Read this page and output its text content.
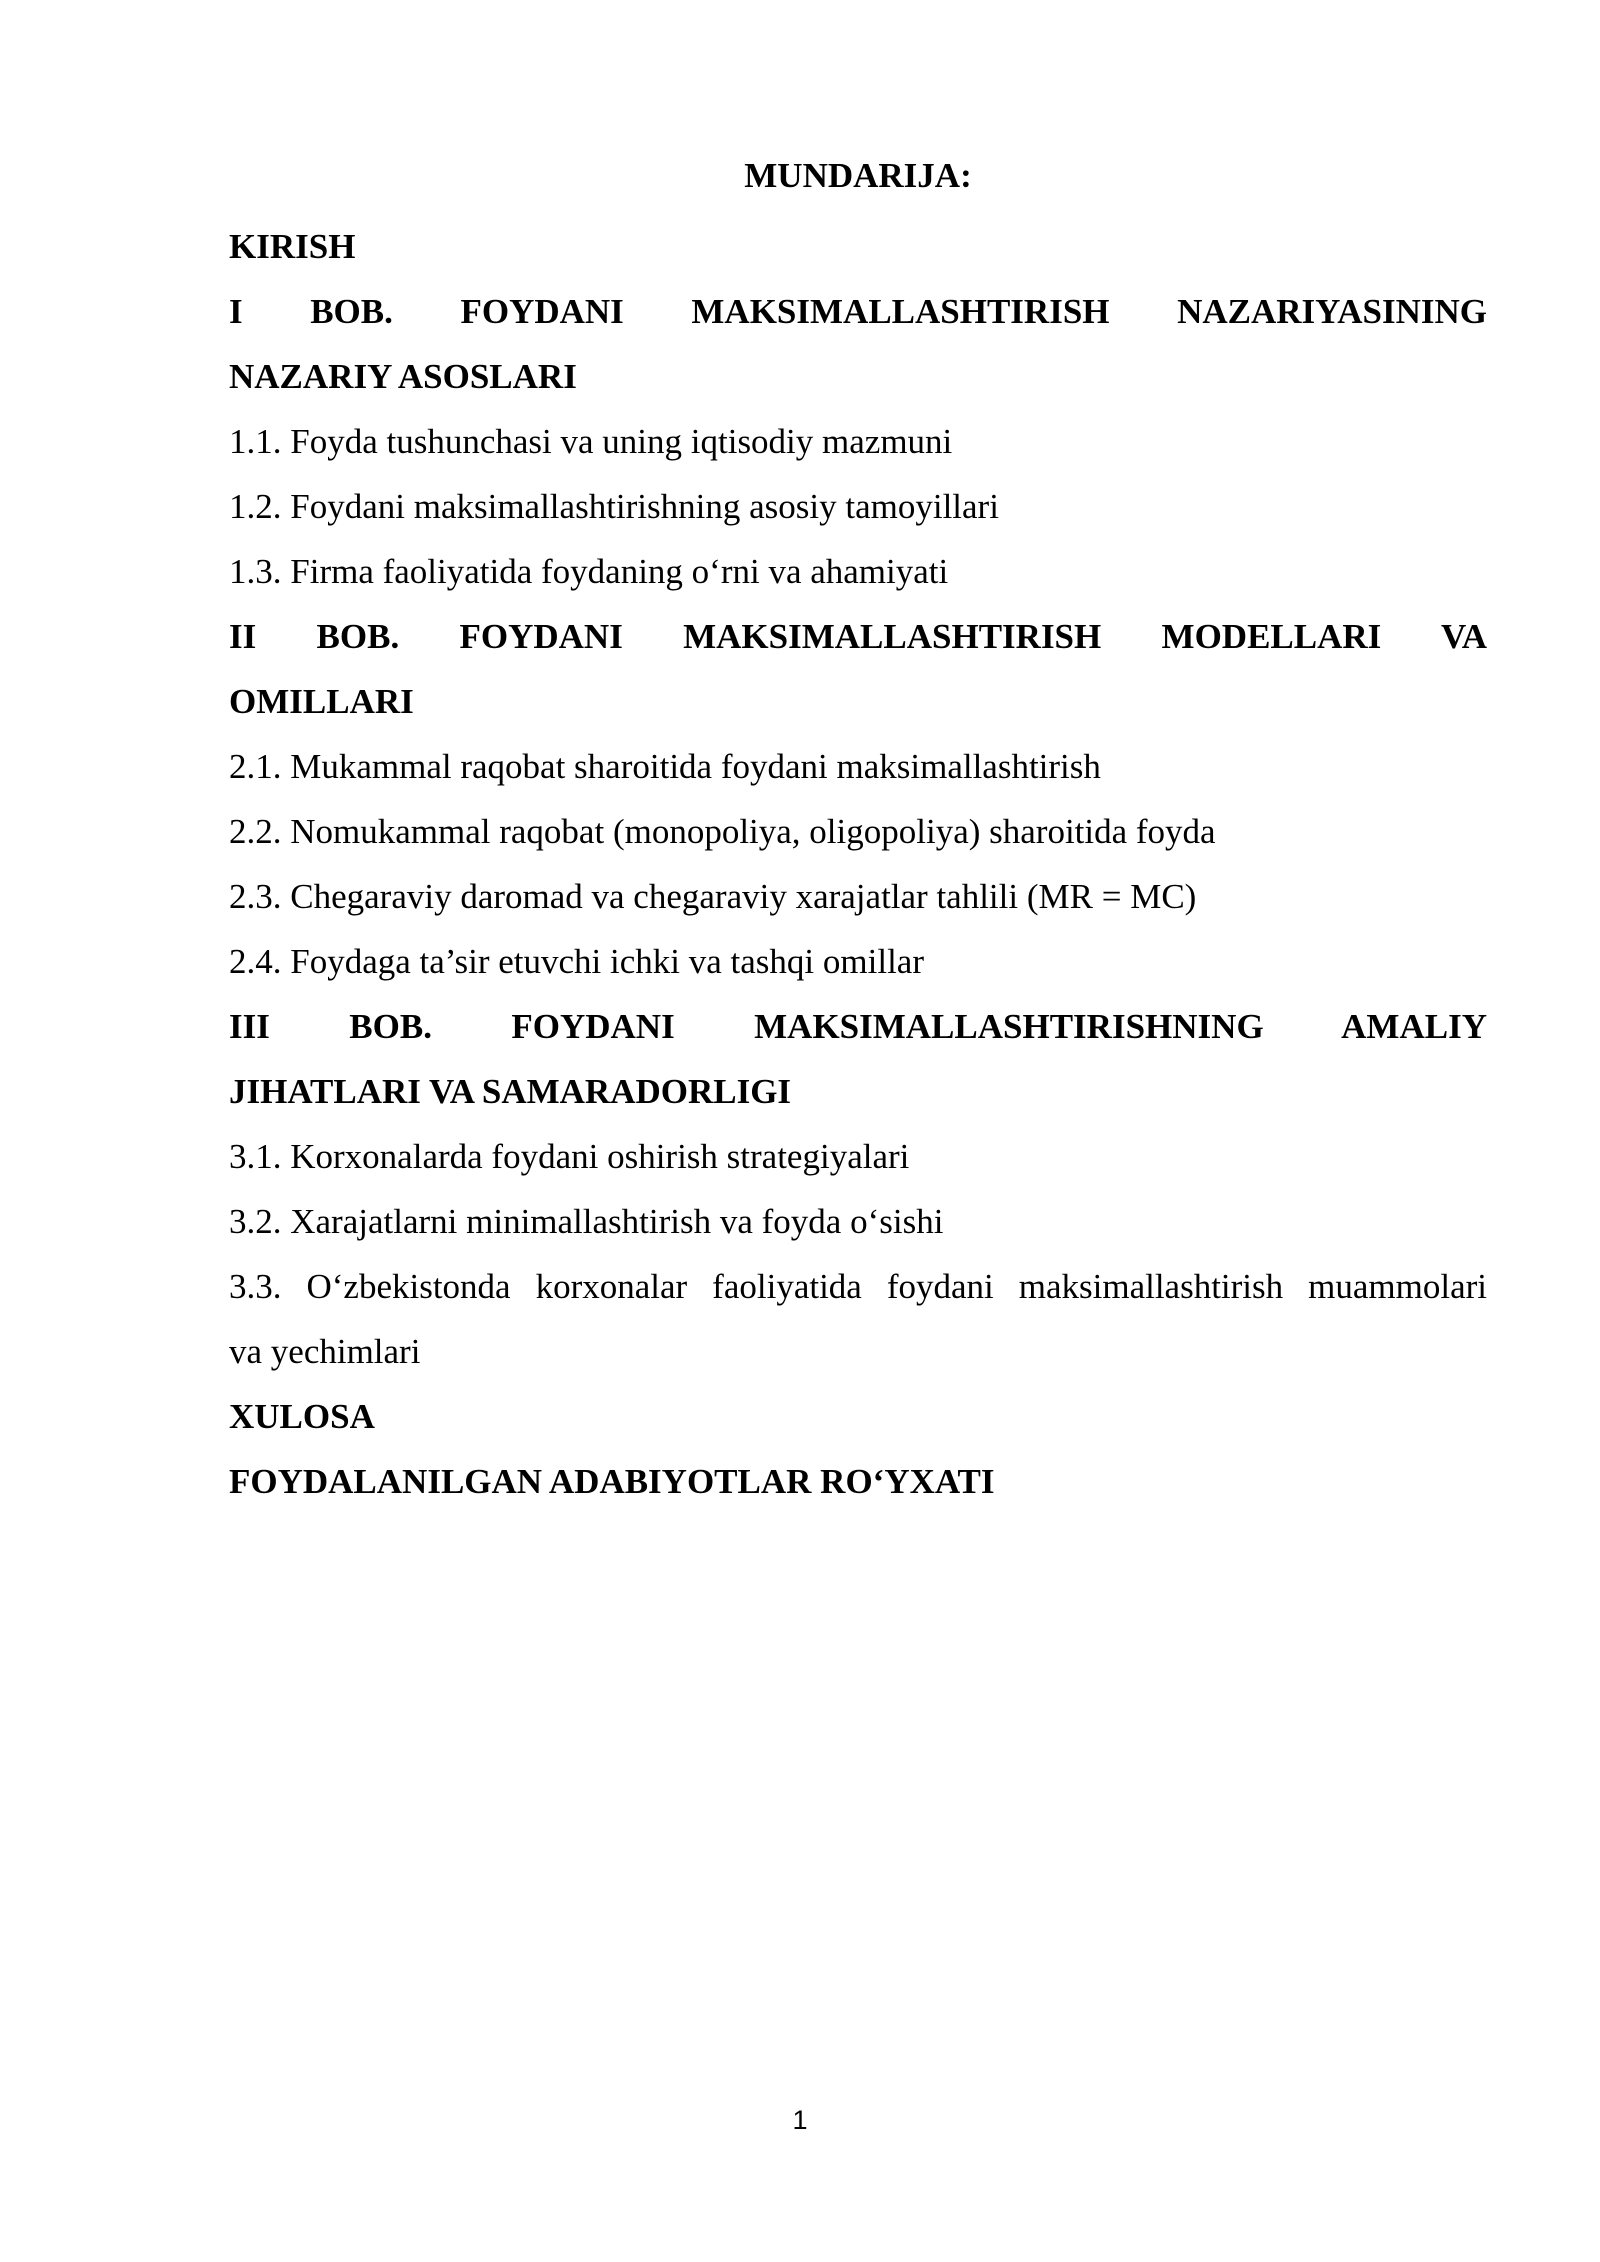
MUNDARIJA:

KIRISH

I BOB. FOYDANI MAKSIMALLASHTIRISH NAZARIYASINING
NAZARIY ASOSLARI

1.1. Foyda tushunchasi va uning iqtisodiy mazmuni

1.2. Foydani maksimallashtirishning asosiy tamoyillari

1.3. Firma faoliyatida foydaning o‘rni va ahamiyati

II BOB. FOYDANI MAKSIMALLASHTIRISH MODELLARI VA
OMILLARI

2.1. Mukammal raqobat sharoitida foydani maksimallashtirish

2.2. Nomukammal raqobat (monopoliya, oligopoliya) sharoitida foyda

2.3. Chegaraviy daromad va chegaraviy xarajatlar tahlili (MR = MC)

2.4. Foydaga ta’sir etuvchi ichki va tashqi omillar

III BOB. FOYDANI MAKSIMALLASHTIRISHNING AMALIY
JIHATLARI VA SAMARADORLIGI

3.1. Korxonalarda foydani oshirish strategiyalari

3.2. Xarajatlarni minimallashtirish va foyda o‘sishi

3.3. O‘zbekistonda korxonalar faoliyatida foydani maksimallashtirish muammolari
va yechimlari

XULOSA

FOYDALANILGAN ADABIYOTLAR RO‘YXATI

1
